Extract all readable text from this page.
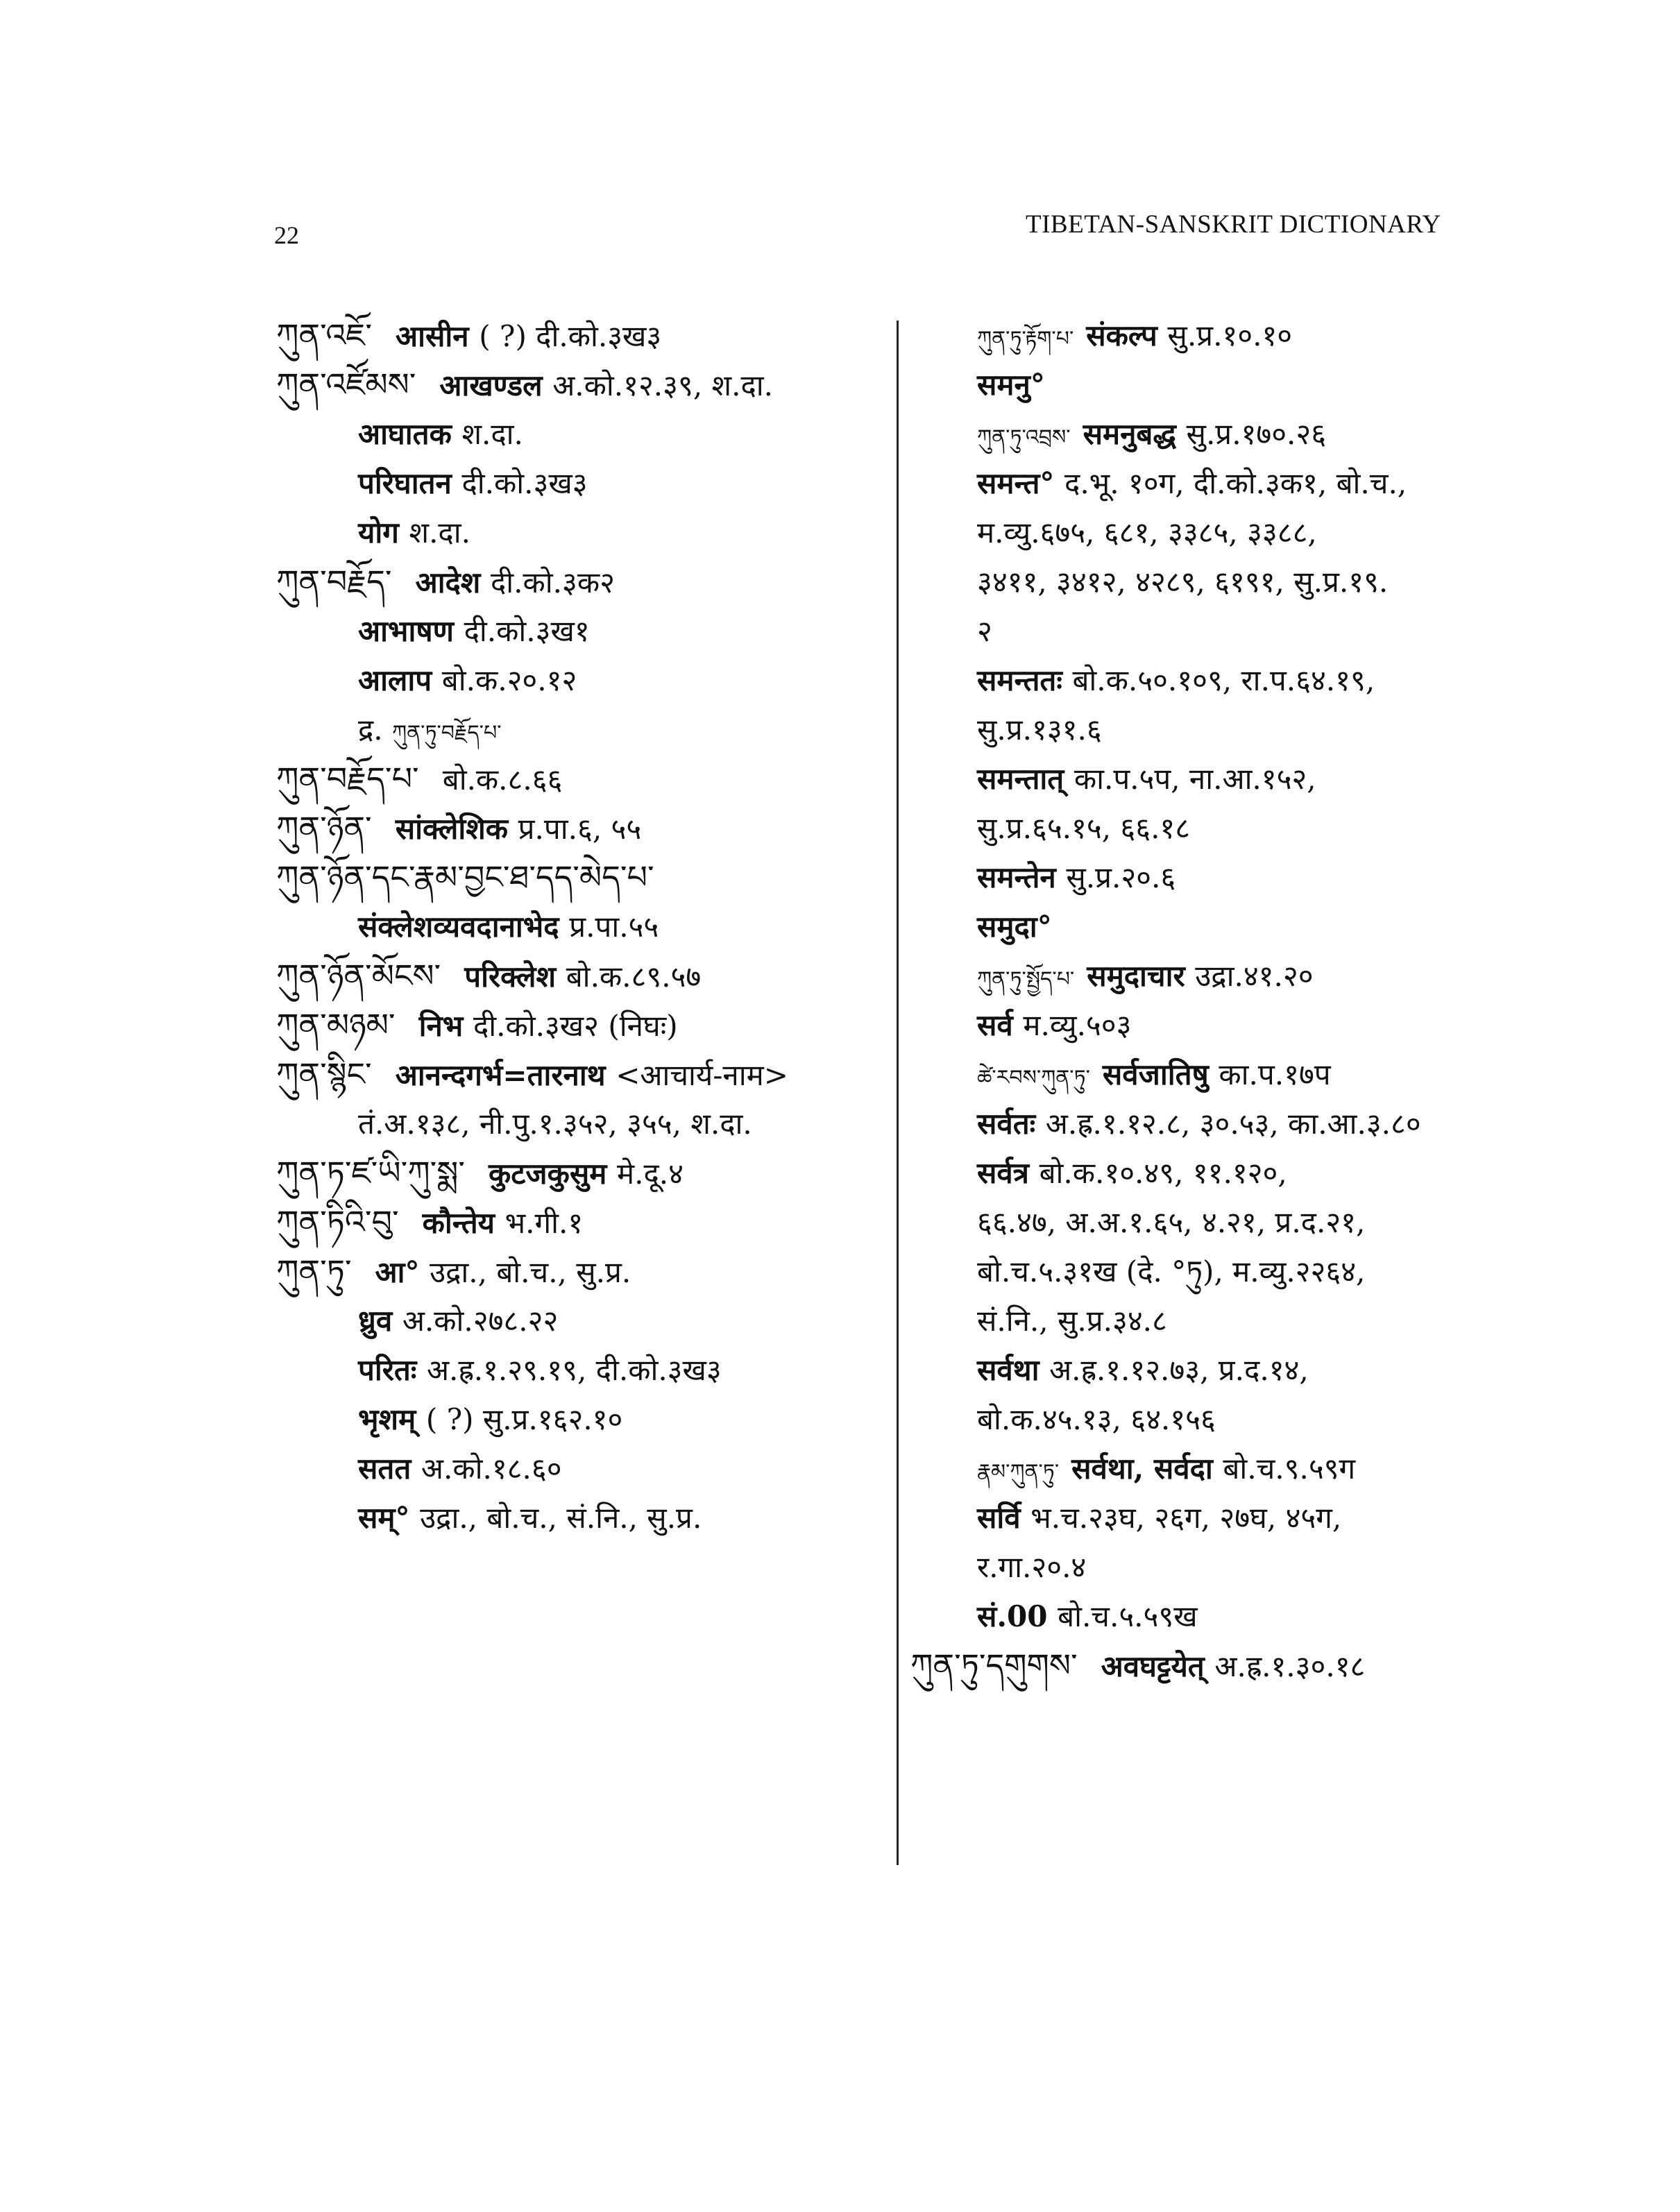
22	TIBETAN-SANSKRIT DICTIONARY
ཀུན་འཇོ་ आसीन ( ?) दी.को.३ख३
ཀུན་འཛོམས་ आखण्डल अ.को.१२.३९, श.दा.
आघातक श.दा.
परिघातन दी.को.३ख३
योग श.दा.
ཀུན་བརྗོད་ आदेश दी.को.३क२
आभाषण दी.को.३ख१
आलाप बो.क.२०.१२
द्र. ཀུན་ཏུ་བརྗོད་པ་
ཀུན་བརྗོད་པ་ बो.क.८.६६
ཀུན་ཉོན་ सांक्लेशिक प्र.पा.६, ५५
ཀུན་ཉོན་དང་རྣམ་བྱང་ཐ་དད་མེད་པ་
संक्लेशव्यवदानाभेद प्र.पा.५५
ཀུན་ཉོན་མོངས་ परिक्लेश बो.क.८९.५७
ཀུན་མཉམ་ निभ दी.को.३ख२ (निघः)
ཀུན་སྙིང་ आनन्दगर्भ=तारनाथ <आचार्य-नाम>
तं.अ.१३८, नी.पु.१.३५२, ३५५, श.दा.
ཀུན་ཏ་ཛ་ཡི་ཀུ་སྨ་ कुटजकुसुम मे.दू.४
ཀུན་ཏིའི་བུ་ कौन्तेय भ.गी.१
ཀུན་ཏུ་ आ° उद्रा., बो.च., सु.प्र.
ध्रुव अ.को.२७८.२२
परितः अ.ह्र.१.२९.१९, दी.को.३ख३
भृशम् ( ?) सु.प्र.१६२.१०
सतत अ.को.१८.६०
सम्° उद्रा., बो.च., सं.नि., सु.प्र.
ཀུན་ཏུ་རྟོག་པ་ संकल्प सु.प्र.१०.१०
समनु°
ཀུན་ཏུ་འབྲས་ समनुबद्ध सु.प्र.१७०.२६
समन्त° द.भू. १०ग, दी.को.३क१, बो.च.,
म.व्यु.६७५, ६८१, ३३८५, ३३८८,
३४११, ३४१२, ४२८९, ६१९१, सु.प्र.१९.
२
समन्ततः बो.क.५०.१०९, रा.प.६४.१९,
सु.प्र.१३१.६
समन्तात् का.प.५प, ना.आ.१५२,
सु.प्र.६५.१५, ६६.१८
समन्तेन सु.प्र.२०.६
समुदा°
ཀུན་ཏུ་སྤྱོད་པ་ समुदाचार उद्रा.४१.२०
सर्व म.व्यु.५०३
ཚེ་རབས་ཀུན་ཏུ་ सर्वजातिषु का.प.१७प
सर्वतः अ.ह्र.१.१२.८, ३०.५३, का.आ.३.८०
सर्वत्र बो.क.१०.४९, ११.१२०,
६६.४७, अ.अ.१.६५, ४.२१, प्र.द.२१,
बो.च.५.३१ख (दे. °ཏུ), म.व्यु.२२६४,
सं.नि., सु.प्र.३४.८
सर्वथा अ.ह्र.१.१२.७३, प्र.द.१४,
बो.क.४५.१३, ६४.१५६
རྣམ་ཀུན་ཏུ་ सर्वथा, सर्वदा बो.च.९.५९ग
सर्वि भ.च.२३घ, २६ग, २७घ, ४५ग,
र.गा.२०.४
सं.00 बो.च.५.५९ख
ཀུན་ཏུ་དགུགས་ अवघट्टयेत् अ.ह्र.१.३०.१८
